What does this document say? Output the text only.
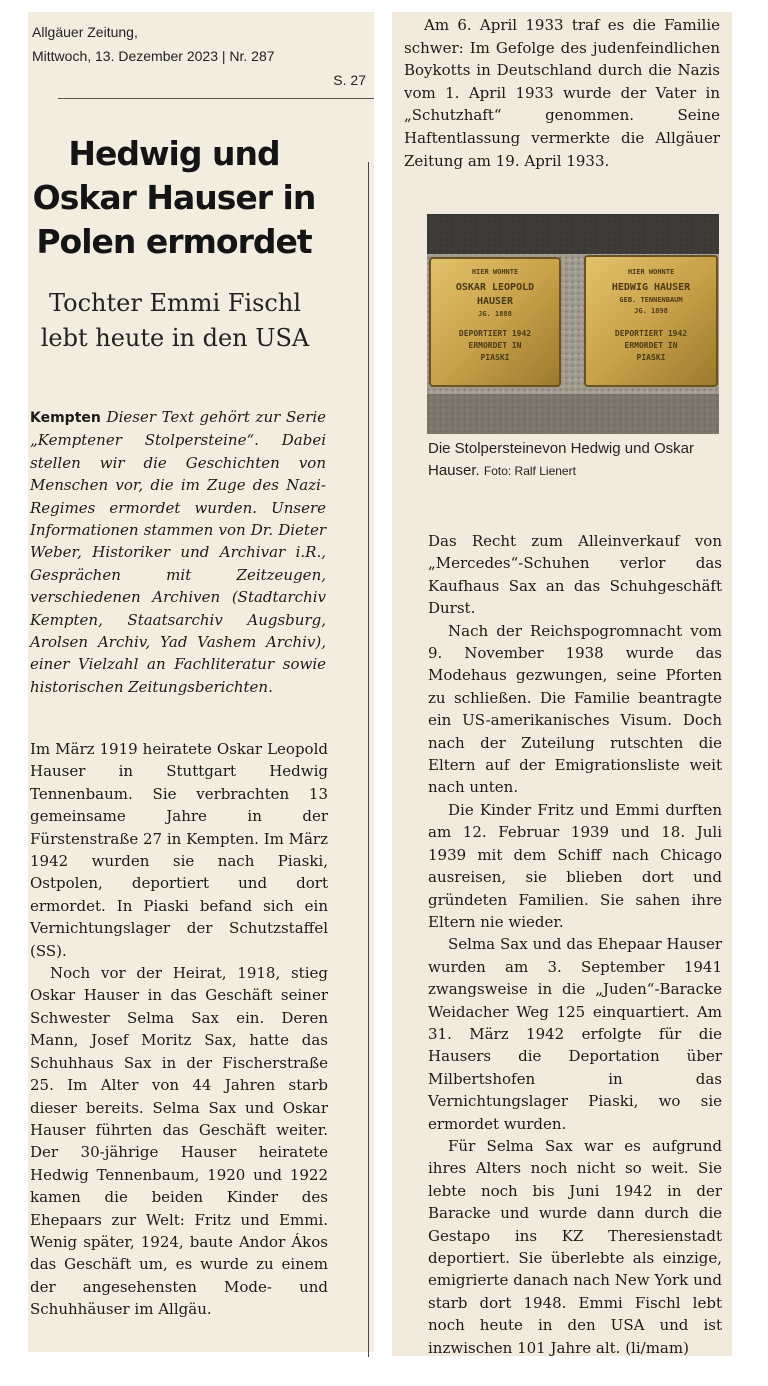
Allgäuer Zeitung,
Mittwoch, 13. Dezember 2023 | Nr. 287
S. 27
Hedwig und Oskar Hauser in Polen ermordet
Tochter Emmi Fischl lebt heute in den USA
Kempten Dieser Text gehört zur Serie „Kemptener Stolpersteine“. Dabei stellen wir die Geschichten von Menschen vor, die im Zuge des Nazi-Regimes ermordet wurden. Unsere Informationen stammen von Dr. Dieter Weber, Historiker und Archivar i.R., Gesprächen mit Zeitzeugen, verschiedenen Archiven (Stadtarchiv Kempten, Staatsarchiv Augsburg, Arolsen Archiv, Yad Vashem Archiv), einer Vielzahl an Fachliteratur sowie historischen Zeitungsberichten.

Im März 1919 heiratete Oskar Leopold Hauser in Stuttgart Hedwig Tennenbaum. Sie verbrachten 13 gemeinsame Jahre in der Fürstenstraße 27 in Kempten. Im März 1942 wurden sie nach Piaski, Ostpolen, deportiert und dort ermordet. In Piaski befand sich ein Vernichtungslager der Schutzstaffel (SS).

Noch vor der Heirat, 1918, stieg Oskar Hauser in das Geschäft seiner Schwester Selma Sax ein. Deren Mann, Josef Moritz Sax, hatte das Schuhhaus Sax in der Fischerstraße 25. Im Alter von 44 Jahren starb dieser bereits. Selma Sax und Oskar Hauser führten das Geschäft weiter. Der 30-jährige Hauser heiratete Hedwig Tennenbaum, 1920 und 1922 kamen die beiden Kinder des Ehepaars zur Welt: Fritz und Emmi. Wenig später, 1924, baute Andor Ákos das Geschäft um, es wurde zu einem der angesehensten Mode- und Schuhhäuser im Allgäu.

Am 6. April 1933 traf es die Familie schwer: Im Gefolge des judenfeindlichen Boykotts in Deutschland durch die Nazis vom 1. April 1933 wurde der Vater in „Schutzhaft“ genommen. Seine Haftentlassung vermerkte die Allgäuer Zeitung am 19. April 1933.

HIER WOHNTE
OSKAR LEOPOLD
HAUSER
JG. 1888
DEPORTIERT 1942
ERMORDET IN
PIASKI
HIER WOHNTE
HEDWIG HAUSER
GEB. TENNENBAUM
JG. 1898
DEPORTIERT 1942
ERMORDET IN
PIASKI
Die Stolpersteinevon Hedwig und Oskar Hauser. Foto: Ralf Lienert

Das Recht zum Alleinverkauf von „Mercedes“-Schuhen verlor das Kaufhaus Sax an das Schuhgeschäft Durst.

Nach der Reichspogromnacht vom 9. November 1938 wurde das Modehaus gezwungen, seine Pforten zu schließen. Die Familie beantragte ein US-amerikanisches Visum. Doch nach der Zuteilung rutschten die Eltern auf der Emigrationsliste weit nach unten.

Die Kinder Fritz und Emmi durften am 12. Februar 1939 und 18. Juli 1939 mit dem Schiff nach Chicago ausreisen, sie blieben dort und gründeten Familien. Sie sahen ihre Eltern nie wieder.

Selma Sax und das Ehepaar Hauser wurden am 3. September 1941 zwangsweise in die „Juden“-Baracke Weidacher Weg 125 einquartiert. Am 31. März 1942 erfolgte für die Hausers die Deportation über Milbertshofen in das Vernichtungslager Piaski, wo sie ermordet wurden.

Für Selma Sax war es aufgrund ihres Alters noch nicht so weit. Sie lebte noch bis Juni 1942 in der Baracke und wurde dann durch die Gestapo ins KZ Theresienstadt deportiert. Sie überlebte als einzige, emigrierte danach nach New York und starb dort 1948. Emmi Fischl lebt noch heute in den USA und ist inzwischen 101 Jahre alt. (li/mam)
